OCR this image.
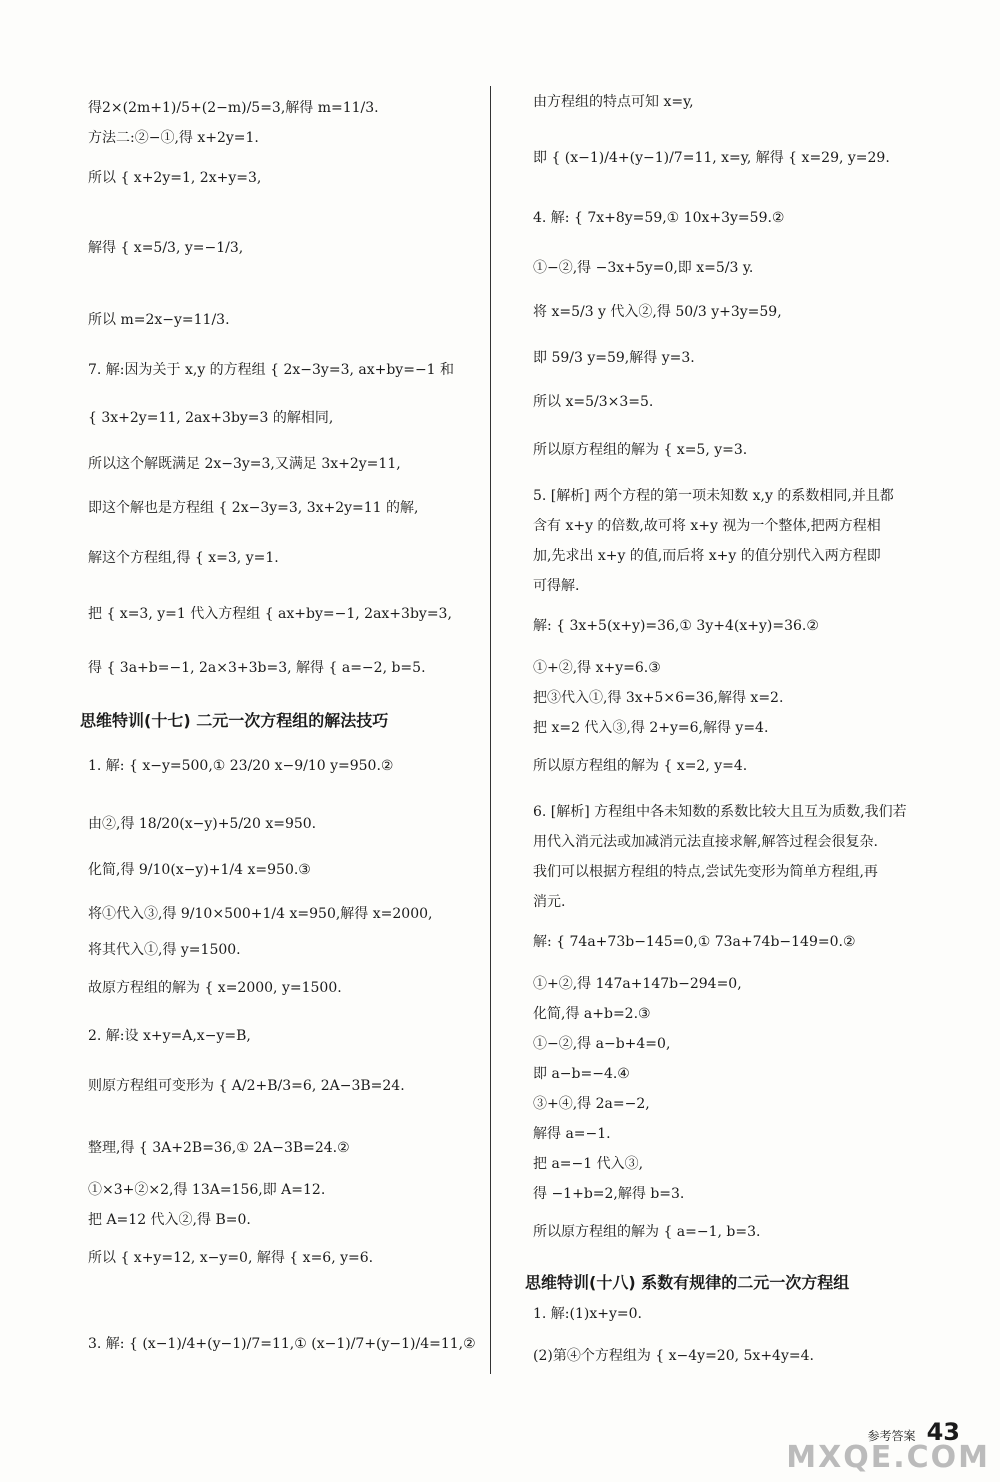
得2×(2m+1)/5+(2−m)/5=3,解得 m=11/3.
方法二:②−①,得 x+2y=1.
所以 { x+2y=1, 2x+y=3,
解得 { x=5/3, y=−1/3,
所以 m=2x−y=11/3.
7. 解:因为关于 x,y 的方程组 { 2x−3y=3, ax+by=−1 和
{ 3x+2y=11, 2ax+3by=3 的解相同,
所以这个解既满足 2x−3y=3,又满足 3x+2y=11,
即这个解也是方程组 { 2x−3y=3, 3x+2y=11 的解,
解这个方程组,得 { x=3, y=1.
把 { x=3, y=1 代入方程组 { ax+by=−1, 2ax+3by=3,
得 { 3a+b=−1, 2a×3+3b=3, 解得 { a=−2, b=5.
思维特训(十七) 二元一次方程组的解法技巧
1. 解: { x−y=500,① 23/20 x−9/10 y=950.②
由②,得 18/20(x−y)+5/20 x=950.
化简,得 9/10(x−y)+1/4 x=950.③
将①代入③,得 9/10×500+1/4 x=950,解得 x=2000,
将其代入①,得 y=1500.
故原方程组的解为 { x=2000, y=1500.
2. 解:设 x+y=A,x−y=B,
则原方程组可变形为 { A/2+B/3=6, 2A−3B=24.
整理,得 { 3A+2B=36,① 2A−3B=24.②
①×3+②×2,得 13A=156,即 A=12.
把 A=12 代入②,得 B=0.
所以 { x+y=12, x−y=0, 解得 { x=6, y=6.
3. 解: { (x−1)/4+(y−1)/7=11,① (x−1)/7+(y−1)/4=11,②
由方程组的特点可知 x=y,
即 { (x−1)/4+(y−1)/7=11, x=y, 解得 { x=29, y=29.
4. 解: { 7x+8y=59,① 10x+3y=59.②
①−②,得 −3x+5y=0,即 x=5/3 y.
将 x=5/3 y 代入②,得 50/3 y+3y=59,
即 59/3 y=59,解得 y=3.
所以 x=5/3×3=5.
所以原方程组的解为 { x=5, y=3.
5. [解析] 两个方程的第一项未知数 x,y 的系数相同,并且都
含有 x+y 的倍数,故可将 x+y 视为一个整体,把两方程相
加,先求出 x+y 的值,而后将 x+y 的值分别代入两方程即
可得解.
解: { 3x+5(x+y)=36,① 3y+4(x+y)=36.②
①+②,得 x+y=6.③
把③代入①,得 3x+5×6=36,解得 x=2.
把 x=2 代入③,得 2+y=6,解得 y=4.
所以原方程组的解为 { x=2, y=4.
6. [解析] 方程组中各未知数的系数比较大且互为质数,我们若
用代入消元法或加减消元法直接求解,解答过程会很复杂.
我们可以根据方程组的特点,尝试先变形为简单方程组,再
消元.
解: { 74a+73b−145=0,① 73a+74b−149=0.②
①+②,得 147a+147b−294=0,
化简,得 a+b=2.③
①−②,得 a−b+4=0,
即 a−b=−4.④
③+④,得 2a=−2,
解得 a=−1.
把 a=−1 代入③,
得 −1+b=2,解得 b=3.
所以原方程组的解为 { a=−1, b=3.
思维特训(十八) 系数有规律的二元一次方程组
1. 解:(1)x+y=0.
(2)第④个方程组为 { x−4y=20, 5x+4y=4.
参考答案 43
MXQE.COM
